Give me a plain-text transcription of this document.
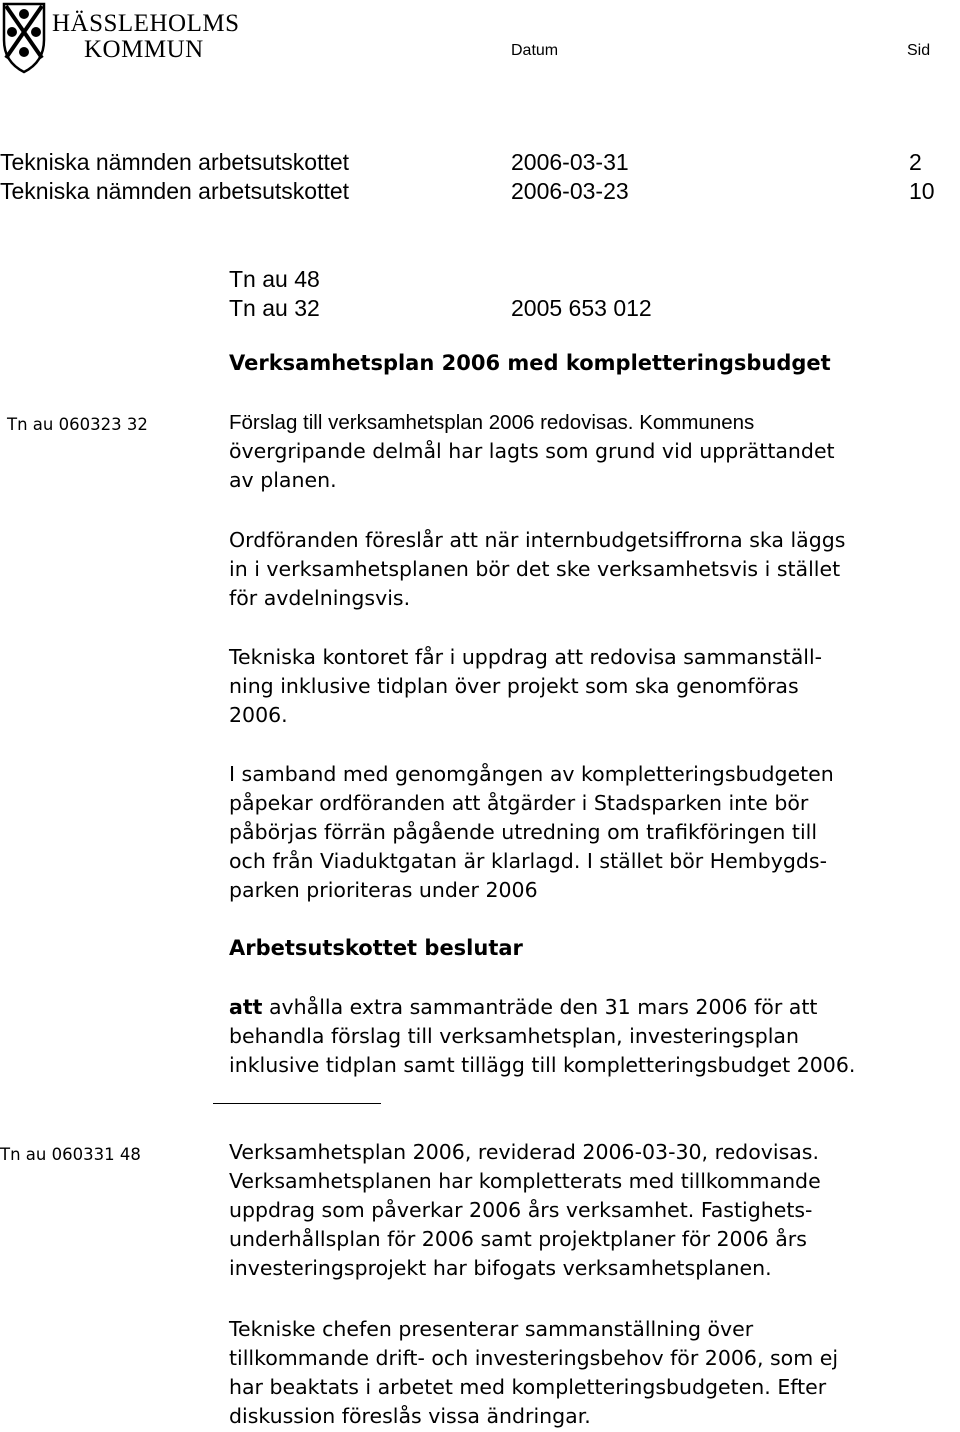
HÄSSLEHOLMS
KOMMUN	Datum	Sid
Tekniska nämnden arbetsutskottet	2006-03-31	2
Tekniska nämnden arbetsutskottet	2006-03-23	10
Tn au 48
Tn au 32	2005 653 012
Verksamhetsplan 2006 med kompletteringsbudget
Tn au 060323 32	Förslag till verksamhetsplan 2006 redovisas. Kommunens
övergripande delmål har lagts som grund vid upprättandet
av planen.
Ordföranden föreslår att när internbudgetsiffrorna ska läggs
in i verksamhetsplanen bör det ske verksamhetsvis i stället
för avdelningsvis.
Tekniska kontoret får i uppdrag att redovisa sammanställ-
ning inklusive tidplan över projekt som ska genomföras
2006.
I samband med genomgången av kompletteringsbudgeten
påpekar ordföranden att åtgärder i Stadsparken inte bör
påbörjas förrän pågående utredning om trafikföringen till
och från Viaduktgatan är klarlagd. I stället bör Hembygds-
parken prioriteras under 2006
Arbetsutskottet beslutar
att avhålla extra sammanträde den 31 mars 2006 för att
behandla förslag till verksamhetsplan, investeringsplan
inklusive tidplan samt tillägg till kompletteringsbudget 2006.
Tn au 060331 48	Verksamhetsplan 2006, reviderad 2006-03-30, redovisas.
Verksamhetsplanen har kompletterats med tillkommande
uppdrag som påverkar 2006 års verksamhet. Fastighets-
underhållsplan för 2006 samt projektplaner för 2006 års
investeringsprojekt har bifogats verksamhetsplanen.
Tekniske chefen presenterar sammanställning över
tillkommande drift- och investeringsbehov för 2006, som ej
har beaktats i arbetet med kompletteringsbudgeten. Efter
diskussion föreslås vissa ändringar.
